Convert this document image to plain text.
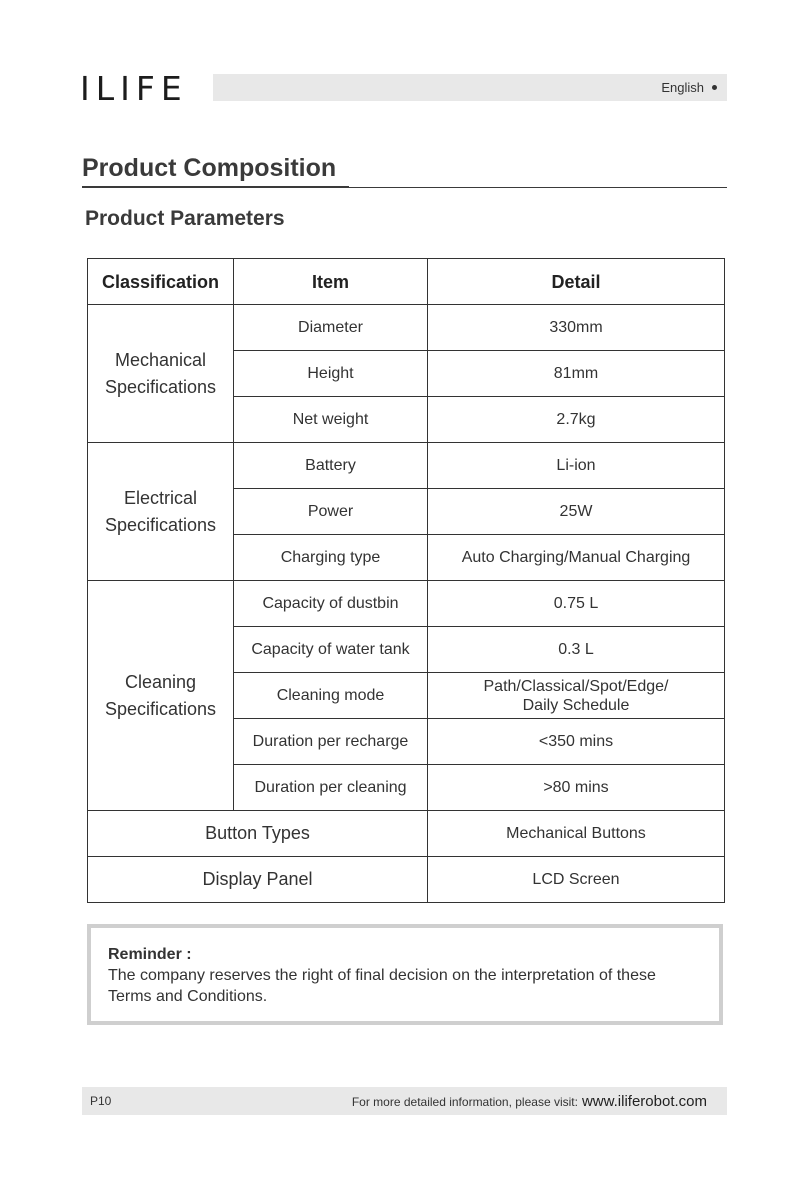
ILIFE	English
Product Composition
Product Parameters
Classification	Item	Detail

Mechanical
Specifications	Diameter	330mm
	Height	81mm
	Net weight	2.7kg

Electrical
Specifications	Battery	Li-ion
	Power	25W
	Charging type	Auto Charging/Manual Charging

Cleaning
Specifications	Capacity of dustbin	0.75 L
	Capacity of water tank	0.3 L
	Cleaning mode	Path/Classical/Spot/Edge/
Daily Schedule

	Duration per recharge	<350 mins
	Duration per cleaning	>80 mins
Button Types		Mechanical Buttons
Display Panel		LCD Screen
Reminder :
The company reserves the right of final decision on the interpretation of these Terms and Conditions.
P10	For more detailed information, please visit: www.iliferobot.com
